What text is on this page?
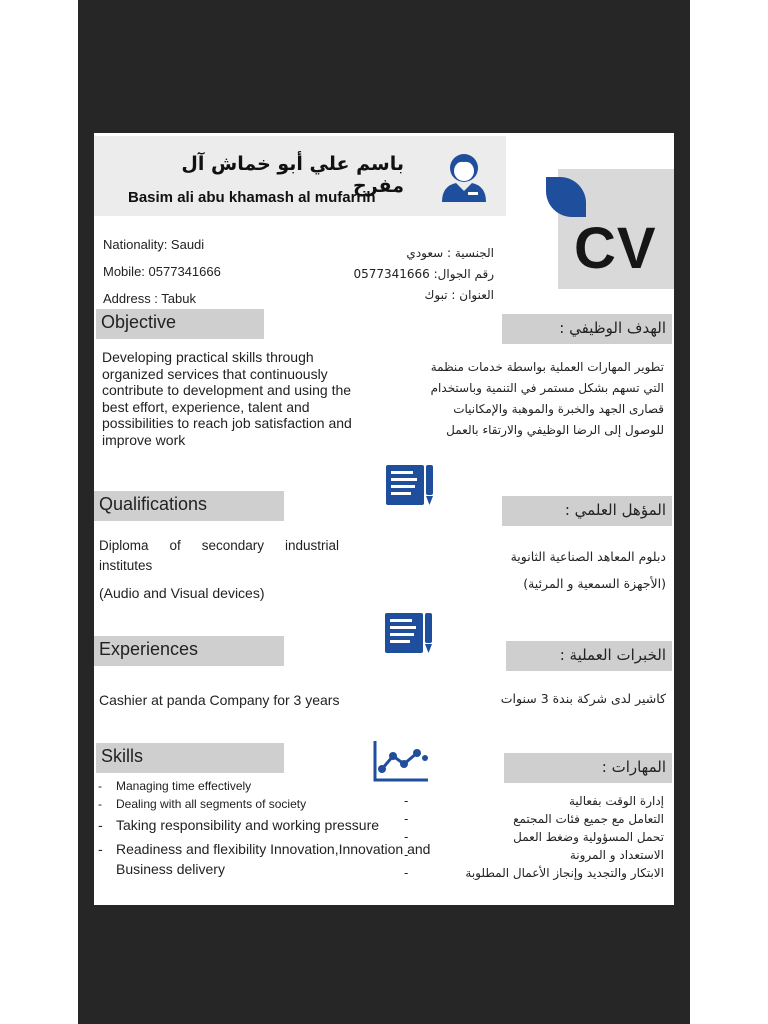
باسم علي أبو خماش آل مفرح
Basim ali abu khamash al mufarrih
CV
Nationality: Saudi
Mobile: 0577341666
Address : Tabuk
الجنسية : سعودي
رقم الجوال: 0577341666
العنوان : تبوك
Objective	الهدف الوظيفي :
Developing practical skills through organized services that continuously contribute to development and using the best effort, experience, talent and possibilities to reach job satisfaction and improve work
تطوير المهارات العملية بواسطة خدمات منظمة التي تسهم بشكل مستمر في التنمية وباستخدام قصارى الجهد والخبرة والموهبة والإمكانيات للوصول إلى الرضا الوظيفي والارتقاء بالعمل
Qualifications	المؤهل العلمي :
Diploma of secondary industrial institutes
(Audio and Visual devices)
دبلوم المعاهد الصناعية الثانوية
(الأجهزة السمعية و المرئية)
Experiences	الخبرات العملية :
Cashier at panda Company for 3 years	كاشير لدى شركة بندة 3 سنوات
Skills
المهارات :
- Managing time effectively
- Dealing with all segments of society
- Taking responsibility and working pressure
- Readiness and flexibility Innovation,Innovation and Business delivery
- إدارة الوقت بفعالية
- التعامل مع جميع فئات المجتمع
- تحمل المسؤولية وضغط العمل
- الاستعداد و المرونة
- الابتكار والتجديد وإنجاز الأعمال المطلوبة
